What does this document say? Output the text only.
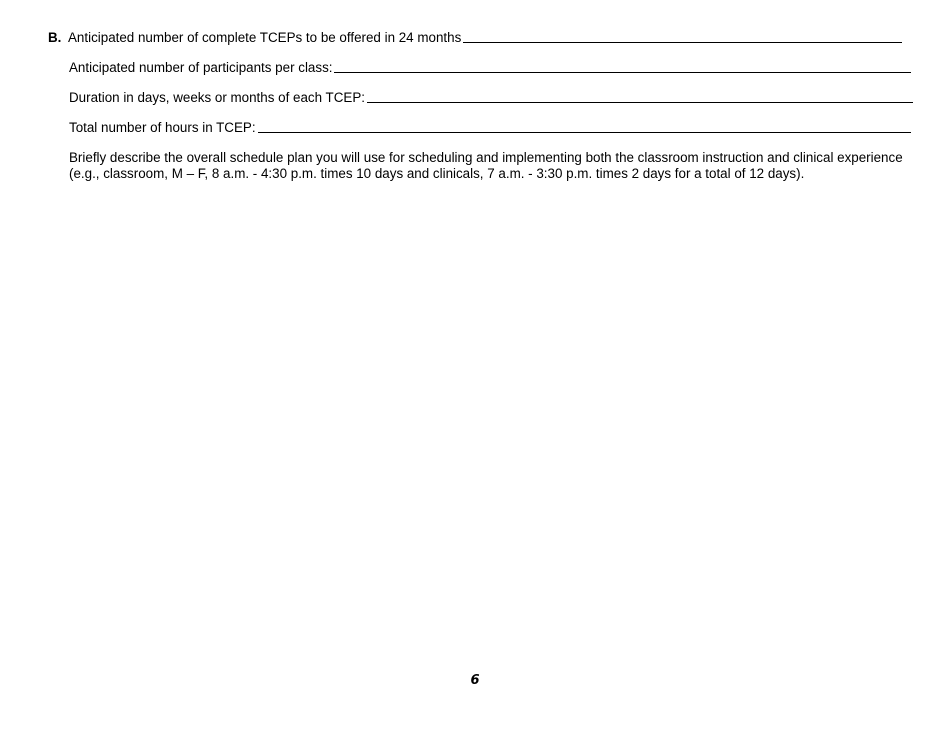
B. Anticipated number of complete TCEPs to be offered in 24 months
Anticipated number of participants per class:
Duration in days, weeks or months of each TCEP:
Total number of hours in TCEP:

Briefly describe the overall schedule plan you will use for scheduling and implementing both the classroom instruction and clinical experience (e.g., classroom, M – F, 8 a.m. - 4:30 p.m. times 10 days and clinicals, 7 a.m. - 3:30 p.m. times 2 days for a total of 12 days).

6
